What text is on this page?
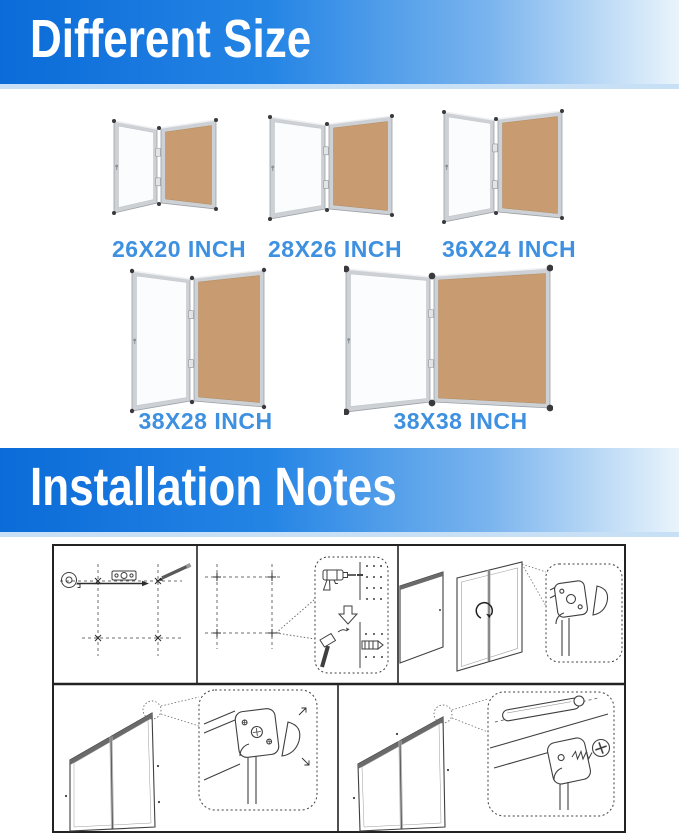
Different Size
26X20 INCH 28X26 INCH 36X24 INCH
38X28 INCH	38X38 INCH
Installation Notes
